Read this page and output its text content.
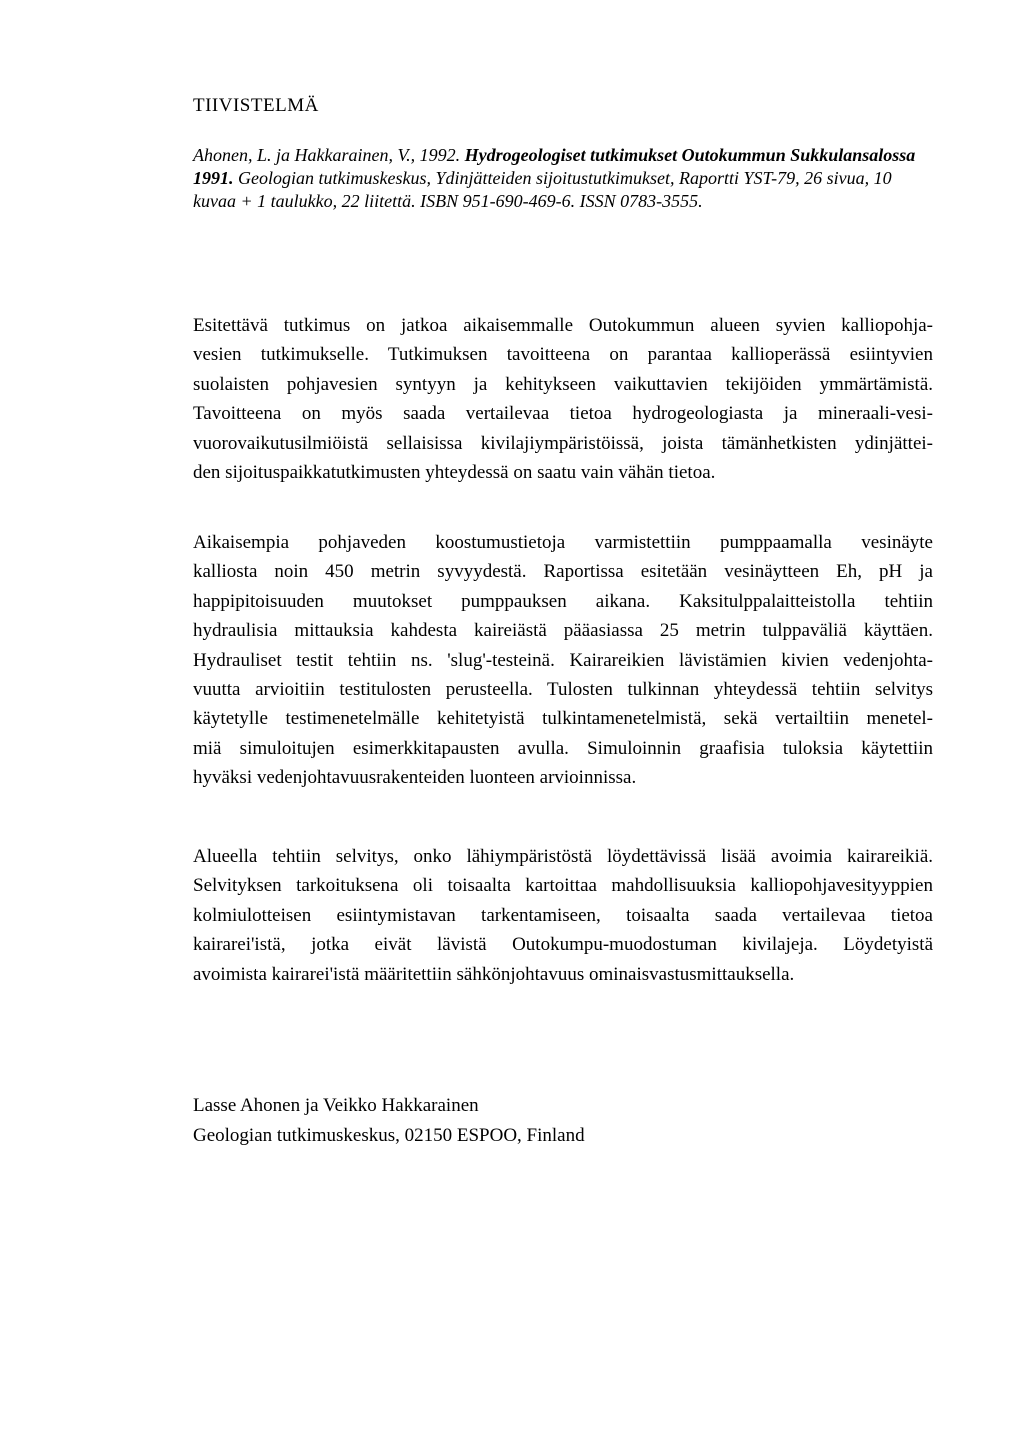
TIIVISTELMÄ
Ahonen, L. ja Hakkarainen, V., 1992. Hydrogeologiset tutkimukset Outokummun Sukkulansalossa 1991. Geologian tutkimuskeskus, Ydinjätteiden sijoitustutkimukset, Raportti YST-79, 26 sivua, 10 kuvaa + 1 taulukko, 22 liitettä. ISBN 951-690-469-6. ISSN 0783-3555.
Esitettävä tutkimus on jatkoa aikaisemmalle Outokummun alueen syvien kalliopohja-
vesien tutkimukselle. Tutkimuksen tavoitteena on parantaa kallioperässä esiintyvien
suolaisten pohjavesien syntyyn ja kehitykseen vaikuttavien tekijöiden ymmärtämistä.
Tavoitteena on myös saada vertailevaa tietoa hydrogeologiasta ja mineraali-vesi-
vuorovaikutusilmiöistä sellaisissa kivilajiympäristöissä, joista tämänhetkisten ydinjättei-
den sijoituspaikkatutkimusten yhteydessä on saatu vain vähän tietoa.
Aikaisempia pohjaveden koostumustietoja varmistettiin pumppaamalla vesinäyte
kalliosta noin 450 metrin syvyydestä. Raportissa esitetään vesinäytteen Eh, pH ja
happipitoisuuden muutokset pumppauksen aikana. Kaksitulppalaitteistolla tehtiin
hydraulisia mittauksia kahdesta kaireiästä pääasiassa 25 metrin tulppaväliä käyttäen.
Hydrauliset testit tehtiin ns. 'slug'-testeinä. Kairareikien lävistämien kivien vedenjohta-
vuutta arvioitiin testitulosten perusteella. Tulosten tulkinnan yhteydessä tehtiin selvitys
käytetylle testimenetelmälle kehitetyistä tulkintamenetelmistä, sekä vertailtiin menetel-
miä simuloitujen esimerkkitapausten avulla. Simuloinnin graafisia tuloksia käytettiin
hyväksi vedenjohtavuusrakenteiden luonteen arvioinnissa.
Alueella tehtiin selvitys, onko lähiympäristöstä löydettävissä lisää avoimia kairareikiä.
Selvityksen tarkoituksena oli toisaalta kartoittaa mahdollisuuksia kalliopohjavesityyppien
kolmiulotteisen esiintymistavan tarkentamiseen, toisaalta saada vertailevaa tietoa
kairarei'istä, jotka eivät lävistä Outokumpu-muodostuman kivilajeja. Löydetyistä
avoimista kairarei'istä määritettiin sähkönjohtavuus ominaisvastusmittauksella.
Lasse Ahonen ja Veikko Hakkarainen
Geologian tutkimuskeskus, 02150 ESPOO, Finland
